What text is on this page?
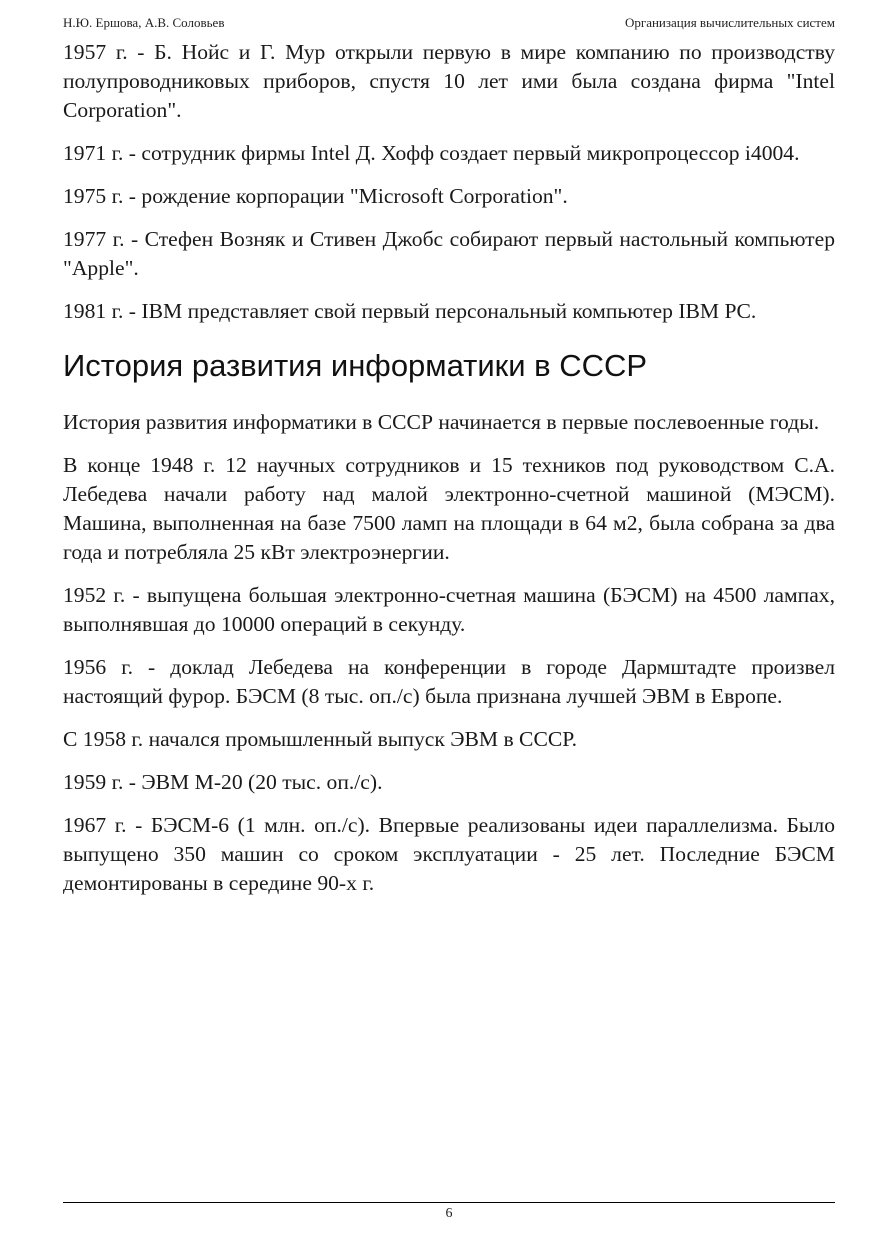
Н.Ю. Ершова, А.В. Соловьев	Организация вычислительных систем

1957 г. - Б. Нойс и Г. Мур открыли первую в мире компанию по производству полупроводниковых приборов, спустя 10 лет ими была создана фирма "Intel Corporation".

1971 г. - сотрудник фирмы Intel Д. Хофф создает первый микропроцессор i4004.

1975 г. - рождение корпорации "Microsoft Corporation".

1977 г. - Стефен Возняк и Стивен Джобс собирают первый настольный компьютер "Apple".

1981 г. - IBM представляет свой первый персональный компьютер IBM PC.

История развития информатики в СССР

История развития информатики в СССР начинается в первые послевоенные годы.

В конце 1948 г. 12 научных сотрудников и 15 техников под руководством С.А. Лебедева начали работу над малой электронно-счетной машиной (МЭСМ). Машина, выполненная на базе 7500 ламп на площади в 64 м2, была собрана за два года и потребляла 25 кВт электроэнергии.

1952 г. - выпущена большая электронно-счетная машина (БЭСМ) на 4500 лампах, выполнявшая до 10000 операций в секунду.

1956 г. - доклад Лебедева на конференции в городе Дармштадте произвел настоящий фурор. БЭСМ (8 тыс. оп./с) была признана лучшей ЭВМ в Европе.

С 1958 г. начался промышленный выпуск ЭВМ в СССР.

1959 г. - ЭВМ М-20 (20 тыс. оп./с).

1967 г. - БЭСМ-6 (1 млн. оп./с). Впервые реализованы идеи параллелизма. Было выпущено 350 машин со сроком эксплуатации - 25 лет. Последние БЭСМ демонтированы в середине 90-х г.

6
